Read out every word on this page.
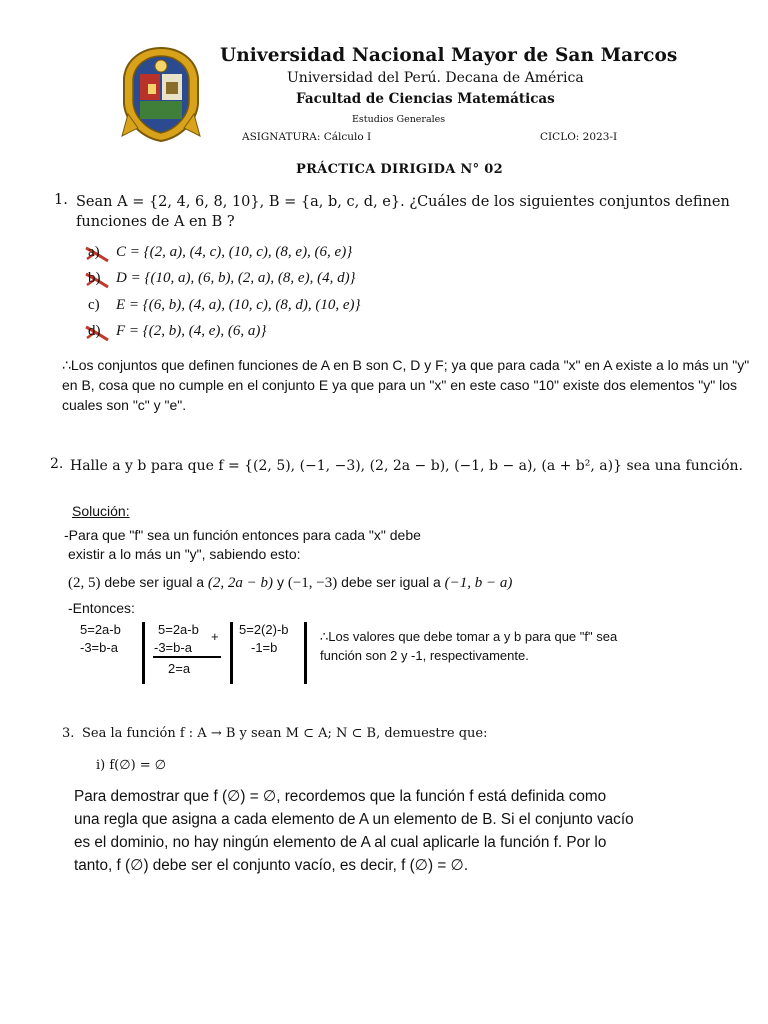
Universidad Nacional Mayor de San Marcos
Universidad del Perú. Decana de América
Facultad de Ciencias Matemáticas
Estudios Generales
ASIGNATURA: Cálculo I	CICLO: 2023-I
PRÁCTICA DIRIGIDA N° 02
1. Sean A = {2, 4, 6, 8, 10}, B = {a, b, c, d, e}. ¿Cuáles de los siguientes conjuntos definen funciones de A en B ?
a) C = {(2, a), (4, c), (10, c), (8, e), (6, e)}
b) D = {(10, a), (6, b), (2, a), (8, e), (4, d)}
c) E = {(6, b), (4, a), (10, c), (8, d), (10, e)}
d) F = {(2, b), (4, e), (6, a)}
∴Los conjuntos que definen funciones de A en B son C, D y F; ya que para cada "x" en A existe a lo más un "y" en B, cosa que no cumple en el conjunto E ya que para un "x" en este caso "10" existe dos elementos "y" los cuales son "c" y "e".
2. Halle a y b para que f = {(2, 5), (−1, −3), (2, 2a − b), (−1, b − a), (a + b², a)} sea una función.
Solución:
-Para que "f" sea un función entonces para cada "x" debe
existir a lo más un "y", sabiendo esto:
(2, 5) debe ser igual a (2, 2a − b) y (−1, −3) debe ser igual a (−1, b − a)
-Entonces:
5=2a-b
-3=b-a
5=2a-b
-3=b-a
2=a
+ 5=2(2)-b
-1=b
∴Los valores que debe tomar a y b para que "f" sea función son 2 y -1, respectivamente.
3. Sea la función f : A → B y sean M ⊂ A; N ⊂ B, demuestre que:
i) f(∅) = ∅
Para demostrar que f (∅) = ∅, recordemos que la función f está definida como una regla que asigna a cada elemento de A un elemento de B. Si el conjunto vacío es el dominio, no hay ningún elemento de A al cual aplicarle la función f. Por lo tanto, f (∅) debe ser el conjunto vacío, es decir, f (∅) = ∅.
